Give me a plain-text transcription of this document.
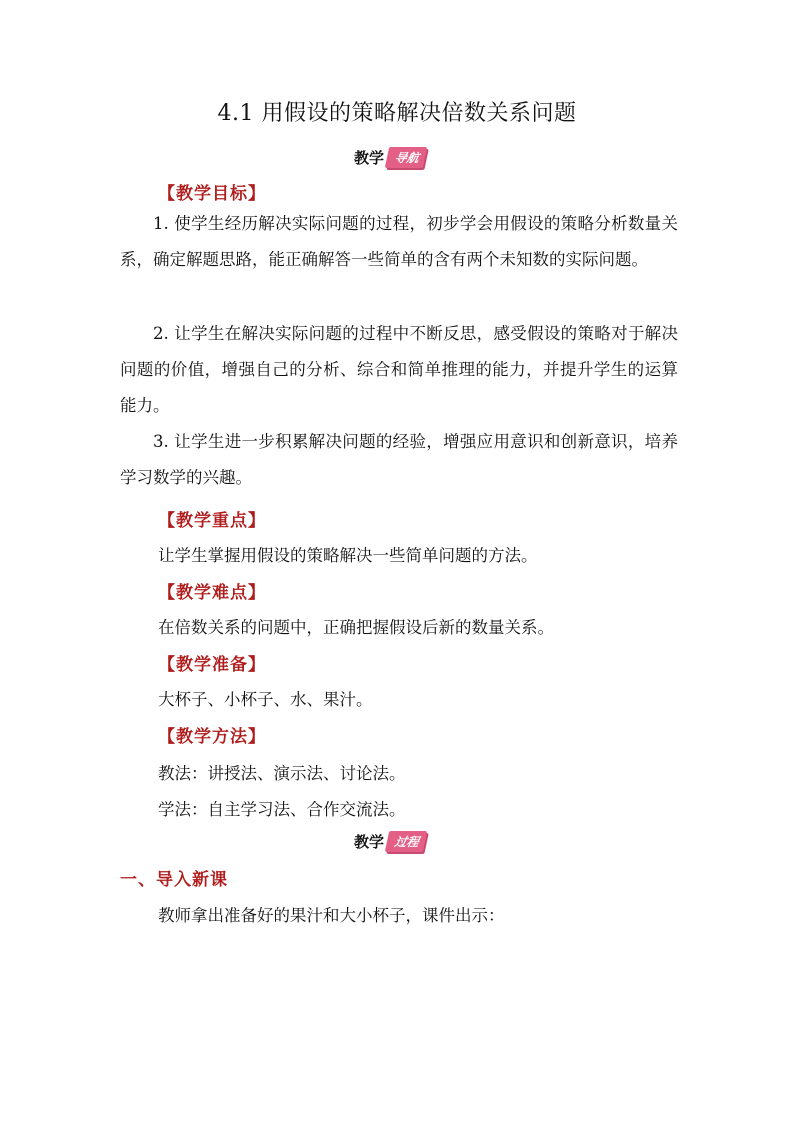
4.1 用假设的策略解决倍数关系问题
教学 导航
【教学目标】
1. 使学生经历解决实际问题的过程，初步学会用假设的策略分析数量关系，确定解题思路，能正确解答一些简单的含有两个未知数的实际问题。
2. 让学生在解决实际问题的过程中不断反思，感受假设的策略对于解决问题的价值，增强自己的分析、综合和简单推理的能力，并提升学生的运算能力。
3. 让学生进一步积累解决问题的经验，增强应用意识和创新意识，培养学习数学的兴趣。
【教学重点】
让学生掌握用假设的策略解决一些简单问题的方法。
【教学难点】
在倍数关系的问题中，正确把握假设后新的数量关系。
【教学准备】
大杯子、小杯子、水、果汁。
【教学方法】
教法：讲授法、演示法、讨论法。
学法：自主学习法、合作交流法。
教学 过程
一、导入新课
教师拿出准备好的果汁和大小杯子，课件出示：
